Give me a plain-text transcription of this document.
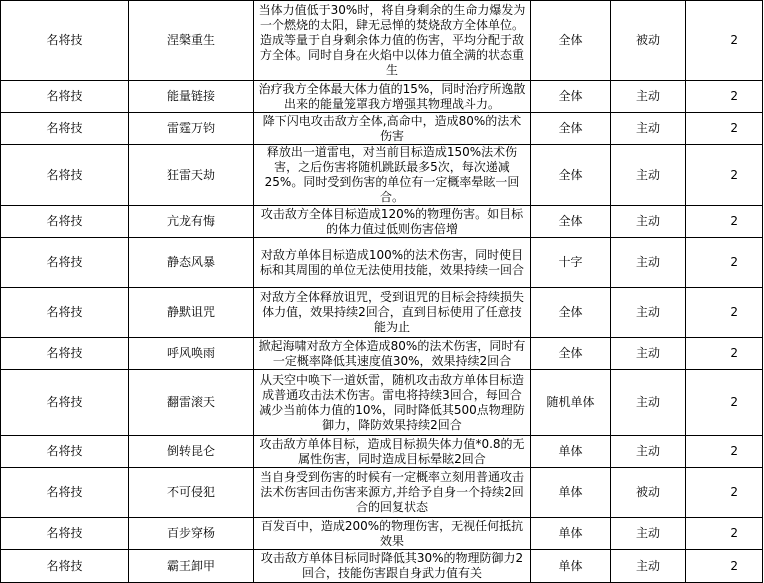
名将技	涅槃重生	当体力值低于30%时，将自身剩余的生命力爆发为一个燃烧的太阳，肆无忌惮的焚烧敌方全体单位。造成等量于自身剩余体力值的伤害，平均分配于敌方全体。同时自身在火焰中以体力值全满的状态重生	全体	被动	2
名将技	能量链接	治疗我方全体最大体力值的15%，同时治疗所逸散出来的能量笼罩我方增强其物理战斗力。	全体	主动	2
名将技	雷霆万钧	降下闪电攻击敌方全体,高命中，造成80%的法术伤害	全体	主动	2
名将技	狂雷天劫	释放出一道雷电，对当前目标造成150%法术伤害，之后伤害将随机跳跃最多5次，每次递减25%。同时受到伤害的单位有一定概率晕眩一回合。	全体	主动	2
名将技	亢龙有悔	攻击敌方全体目标造成120%的物理伤害。如目标的体力值过低则伤害倍增	全体	主动	2
名将技	静态风暴	对敌方单体目标造成100%的法术伤害，同时使目标和其周围的单位无法使用技能，效果持续一回合	十字	主动	2
名将技	静默诅咒	对敌方全体释放诅咒，受到诅咒的目标会持续损失体力值，效果持续2回合，直到目标使用了任意技能为止	全体	主动	2
名将技	呼风唤雨	掀起海啸对敌方全体造成80%的法术伤害，同时有一定概率降低其速度值30%，效果持续2回合	全体	主动	2
名将技	翻雷滚天	从天空中唤下一道妖雷，随机攻击敌方单体目标造成普通攻击法术伤害。雷电将持续3回合，每回合减少当前体力值的10%，同时降低其500点物理防御力，降防效果持续2回合	随机单体	主动	2
名将技	倒转昆仑	攻击敌方单体目标，造成目标损失体力值*0.8的无属性伤害，同时造成目标晕眩2回合	单体	主动	2
名将技	不可侵犯	当自身受到伤害的时候有一定概率立刻用普通攻击法术伤害回击伤害来源方,并给予自身一个持续2回合的回复状态	单体	被动	2
名将技	百步穿杨	百发百中，造成200%的物理伤害，无视任何抵抗效果	单体	主动	2
名将技	霸王卸甲	攻击敌方单体目标同时降低其30%的物理防御力2回合，技能伤害跟自身武力值有关	单体	主动	2
